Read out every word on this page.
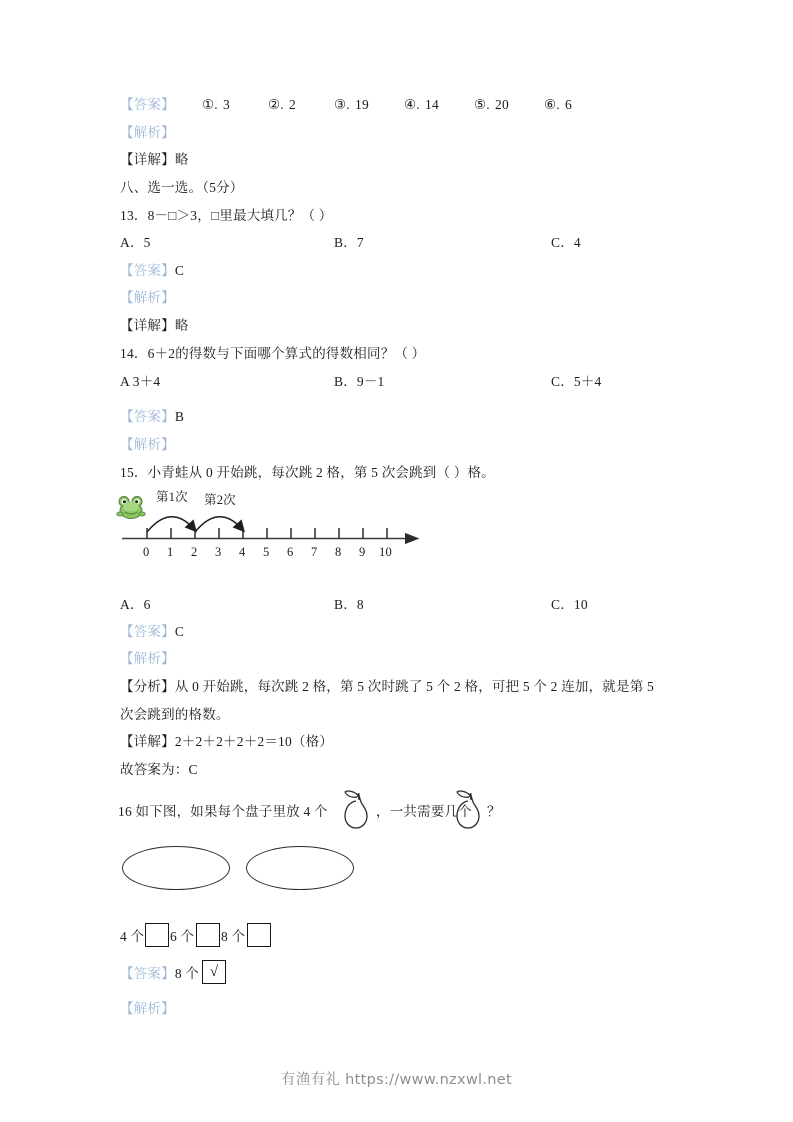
【答案】 ①. 3	②. 2	③. 19	④. 14	⑤. 20	⑥. 6
【解析】
【详解】略
八、选一选。（5分）
13．8－□＞3，□里最大填几？（ ）
A．5	B．7	C．4
【答案】C
【解析】
【详解】略
14．6＋2的得数与下面哪个算式的得数相同？（ ）
A 3＋4	B．9－1	C．5＋4
【答案】B
【解析】
15．小青蛙从 0 开始跳，每次跳 2 格，第 5 次会跳到（ ）格。
第1次 第2次
0 1 2 3 4 5 6 7 8 9 10
A．6	B．8	C．10
【答案】C
【解析】
【分析】从 0 开始跳，每次跳 2 格，第 5 次时跳了 5 个 2 格，可把 5 个 2 连加，就是第 5
次会跳到的格数。
【详解】2＋2＋2＋2＋2＝10（格）
故答案为：C
16 如下图，如果每个盘子里放 4 个	，一共需要几个 ？
4 个 6 个 8 个
【答案】8 个 √
【解析】
有渔有礼 https://www.nzxwl.net
